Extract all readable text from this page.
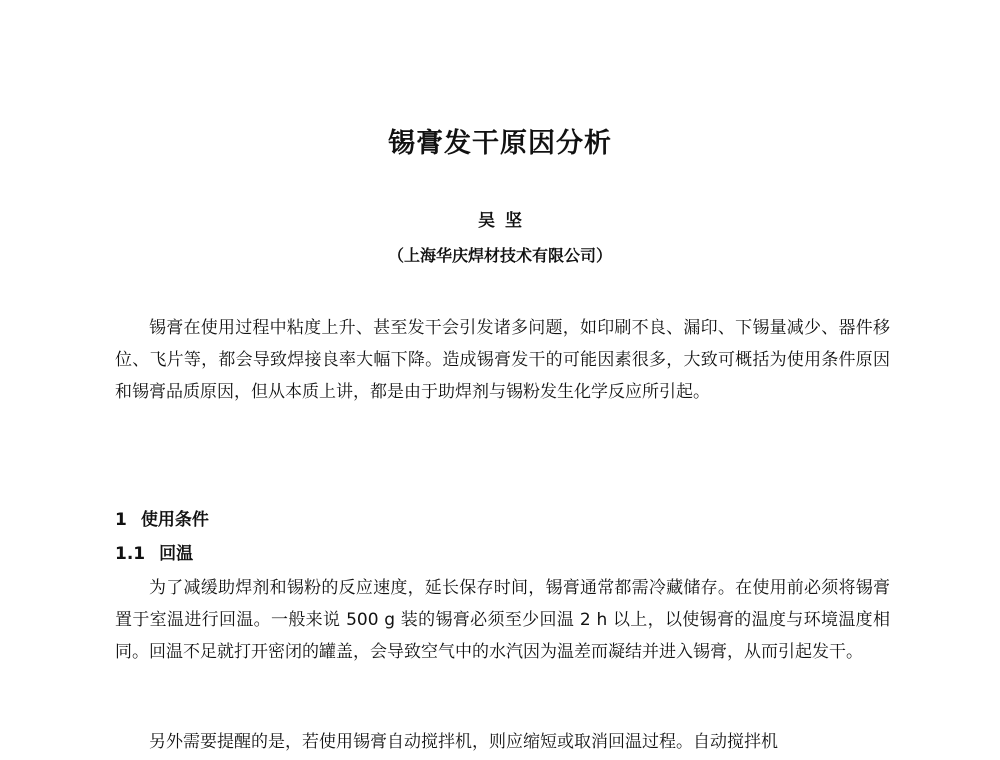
锡膏发干原因分析
吴 坚
（上海华庆焊材技术有限公司）

锡膏在使用过程中粘度上升、甚至发干会引发诸多问题，如印刷不良、漏印、下锡量减少、器件移位、飞片等，都会导致焊接良率大幅下降。造成锡膏发干的可能因素很多，大致可概括为使用条件原因和锡膏品质原因，但从本质上讲，都是由于助焊剂与锡粉发生化学反应所引起。

1 使用条件
1.1 回温

为了减缓助焊剂和锡粉的反应速度，延长保存时间，锡膏通常都需冷藏储存。在使用前必须将锡膏置于室温进行回温。一般来说 500 g 装的锡膏必须至少回温 2 h 以上，以使锡膏的温度与环境温度相同。回温不足就打开密闭的罐盖，会导致空气中的水汽因为温差而凝结并进入锡膏，从而引起发干。

另外需要提醒的是，若使用锡膏自动搅拌机，则应缩短或取消回温过程。自动搅拌机
